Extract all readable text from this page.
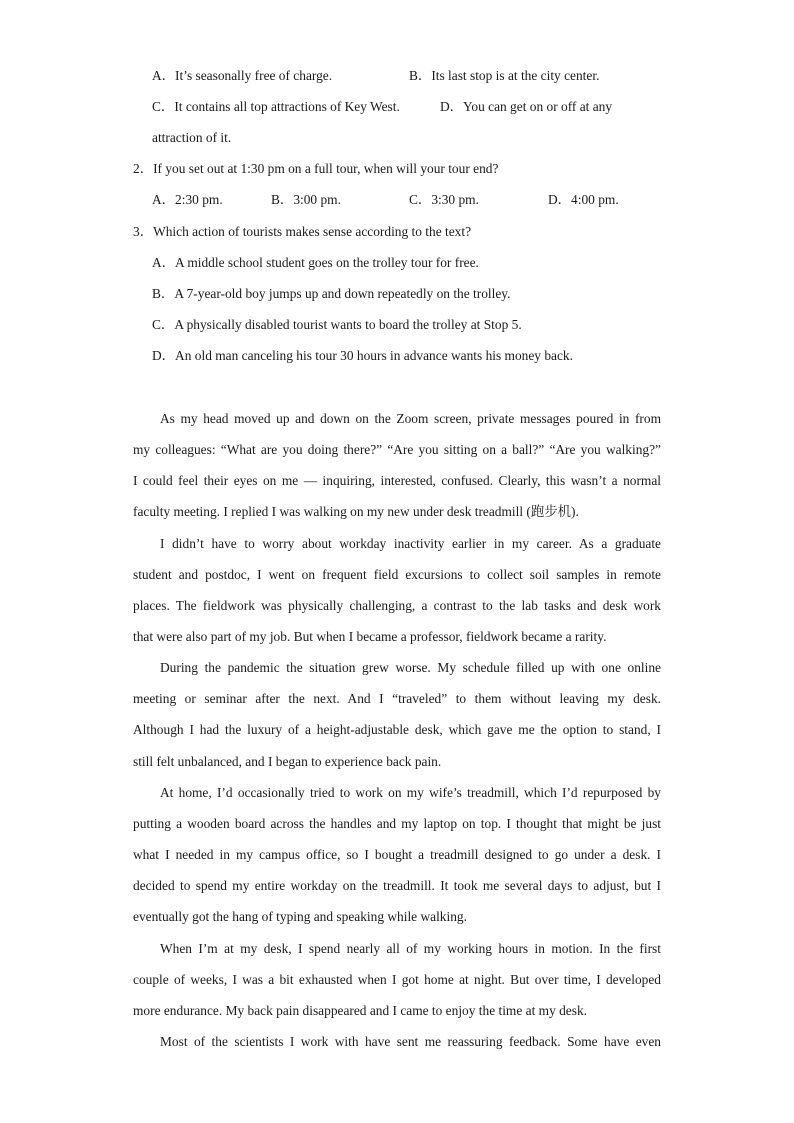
A．It’s seasonally free of charge.	B．Its last stop is at the city center.
C．It contains all top attractions of Key West.	D．You can get on or off at any
attraction of it.
2．If you set out at 1:30 pm on a full tour, when will your tour end?
A．2:30 pm.	B．3:00 pm.	C．3:30 pm.	D．4:00 pm.
3．Which action of tourists makes sense according to the text?
A．A middle school student goes on the trolley tour for free.
B．A 7-year-old boy jumps up and down repeatedly on the trolley.
C．A physically disabled tourist wants to board the trolley at Stop 5.
D．An old man canceling his tour 30 hours in advance wants his money back.
As my head moved up and down on the Zoom screen, private messages poured in from
my colleagues: “What are you doing there?” “Are you sitting on a ball?” “Are you walking?”
I could feel their eyes on me — inquiring, interested, confused. Clearly, this wasn’t a normal
faculty meeting. I replied I was walking on my new under desk treadmill (跑步机).
I didn’t have to worry about workday inactivity earlier in my career. As a graduate
student and postdoc, I went on frequent field excursions to collect soil samples in remote
places. The fieldwork was physically challenging, a contrast to the lab tasks and desk work
that were also part of my job. But when I became a professor, fieldwork became a rarity.
During the pandemic the situation grew worse. My schedule filled up with one online
meeting or seminar after the next. And I “traveled” to them without leaving my desk.
Although I had the luxury of a height-adjustable desk, which gave me the option to stand, I
still felt unbalanced, and I began to experience back pain.
At home, I’d occasionally tried to work on my wife’s treadmill, which I’d repurposed by
putting a wooden board across the handles and my laptop on top. I thought that might be just
what I needed in my campus office, so I bought a treadmill designed to go under a desk. I
decided to spend my entire workday on the treadmill. It took me several days to adjust, but I
eventually got the hang of typing and speaking while walking.
When I’m at my desk, I spend nearly all of my working hours in motion. In the first
couple of weeks, I was a bit exhausted when I got home at night. But over time, I developed
more endurance. My back pain disappeared and I came to enjoy the time at my desk.
Most of the scientists I work with have sent me reassuring feedback. Some have even
